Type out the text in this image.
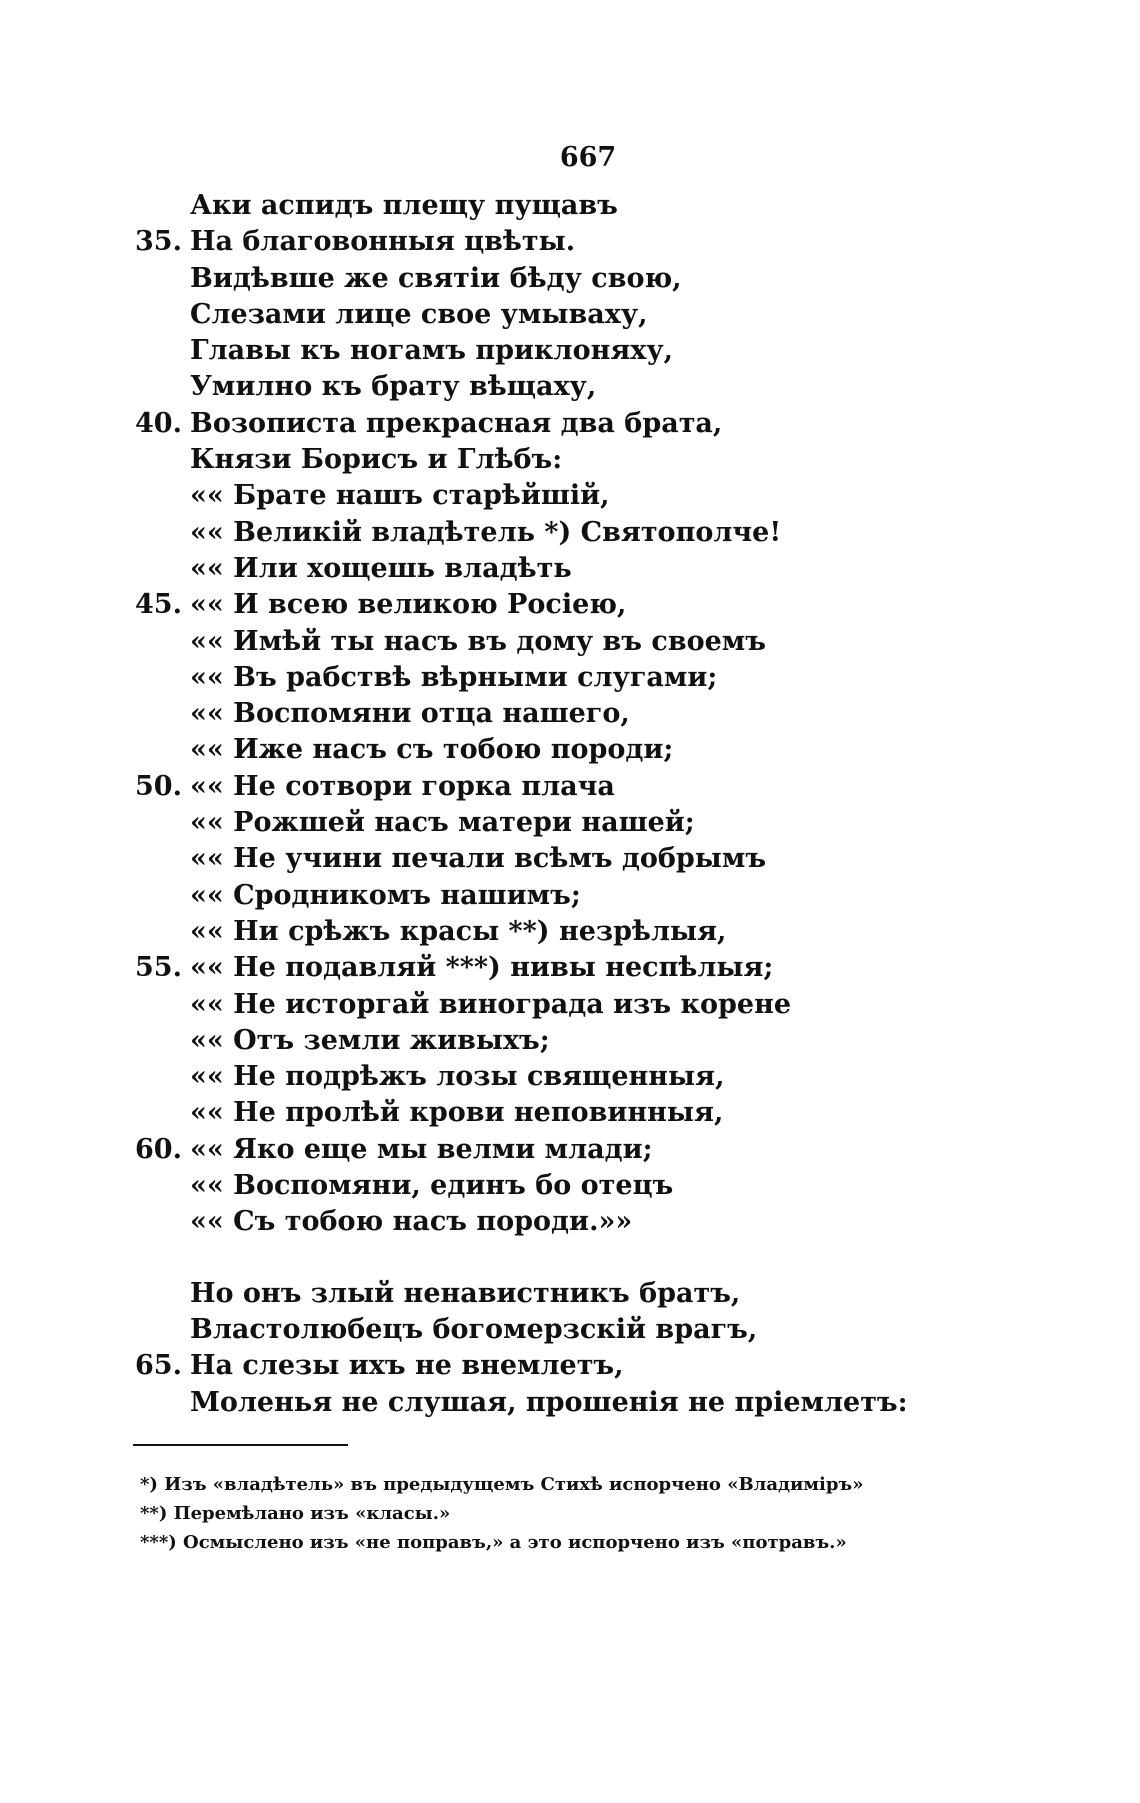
667
Аки аспидъ плещу пущавъ
35. На благовонныя цвѣты.
Видѣвше же святіи бѣду свою,
Слезами лице свое умываху,
Главы къ ногамъ приклоняху,
Умилно къ брату вѣщаху,
40. Возописта прекрасная два брата,
Князи Борисъ и Глѣбъ:
«« Брате нашъ старѣйшій,
«« Великій владѣтель *) Святополче!
«« Или хощешь владѣть
45. «« И всею великою Росіею,
«« Имѣй ты насъ въ дому въ своемъ
«« Въ рабствѣ вѣрными слугами;
«« Воспомяни отца нашего,
«« Иже насъ съ тобою породи;
50. «« Не сотвори горка плача
«« Рожшей насъ матери нашей;
«« Не учини печали всѣмъ добрымъ
«« Сродникомъ нашимъ;
«« Ни срѣжъ красы **) незрѣлыя,
55. «« Не подавляй ***) нивы неспѣлыя;
«« Не исторгай винограда изъ корене
«« Отъ земли живыхъ;
«« Не подрѣжъ лозы священныя,
«« Не пролѣй крови неповинныя,
60. «« Яко еще мы велми млади;
«« Воспомяни, единъ бо отецъ
«« Съ тобою насъ породи.»»
Но онъ злый ненавистникъ братъ,
Властолюбецъ богомерзскій врагъ,
65. На слезы ихъ не внемлетъ,
Моленья не слушая, прошенія не пріемлетъ:
*) Изъ «владѣтель» въ предыдущемъ Стихѣ испорчено «Владиміръ»
**) Перемѣлано изъ «класы.»
***) Осмыслено изъ «не поправъ,» а это испорчено изъ «потравъ.»
